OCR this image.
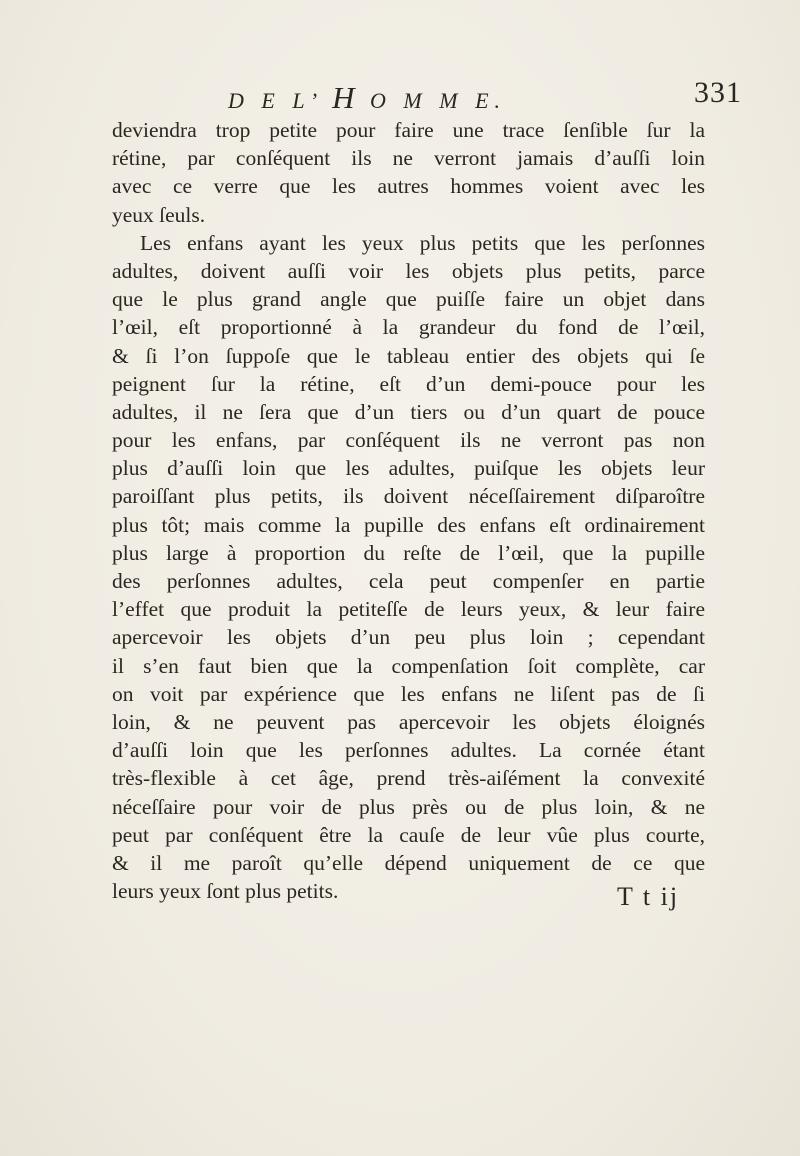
D E L’ H O M M E.	331
deviendra trop petite pour faire une trace ſenſible ſur la
rétine, par conſéquent ils ne verront jamais d’auſſi loin
avec ce verre que les autres hommes voient avec les
yeux ſeuls.
Les enfans ayant les yeux plus petits que les perſonnes
adultes, doivent auſſi voir les objets plus petits, parce
que le plus grand angle que puiſſe faire un objet dans
l’œil, eſt proportionné à la grandeur du fond de l’œil,
& ſi l’on ſuppoſe que le tableau entier des objets qui ſe
peignent ſur la rétine, eſt d’un demi-pouce pour les
adultes, il ne ſera que d’un tiers ou d’un quart de pouce
pour les enfans, par conſéquent ils ne verront pas non
plus d’auſſi loin que les adultes, puiſque les objets leur
paroiſſant plus petits, ils doivent néceſſairement diſparoître
plus tôt; mais comme la pupille des enfans eſt ordinairement
plus large à proportion du reſte de l’œil, que la pupille
des perſonnes adultes, cela peut compenſer en partie
l’effet que produit la petiteſſe de leurs yeux, & leur faire
apercevoir les objets d’un peu plus loin ; cependant
il s’en faut bien que la compenſation ſoit complète, car
on voit par expérience que les enfans ne liſent pas de ſi
loin, & ne peuvent pas apercevoir les objets éloignés
d’auſſi loin que les perſonnes adultes. La cornée étant
très-flexible à cet âge, prend très-aiſément la convexité
néceſſaire pour voir de plus près ou de plus loin, & ne
peut par conſéquent être la cauſe de leur vûe plus courte,
& il me paroît qu’elle dépend uniquement de ce que
leurs yeux ſont plus petits.	T t ij
